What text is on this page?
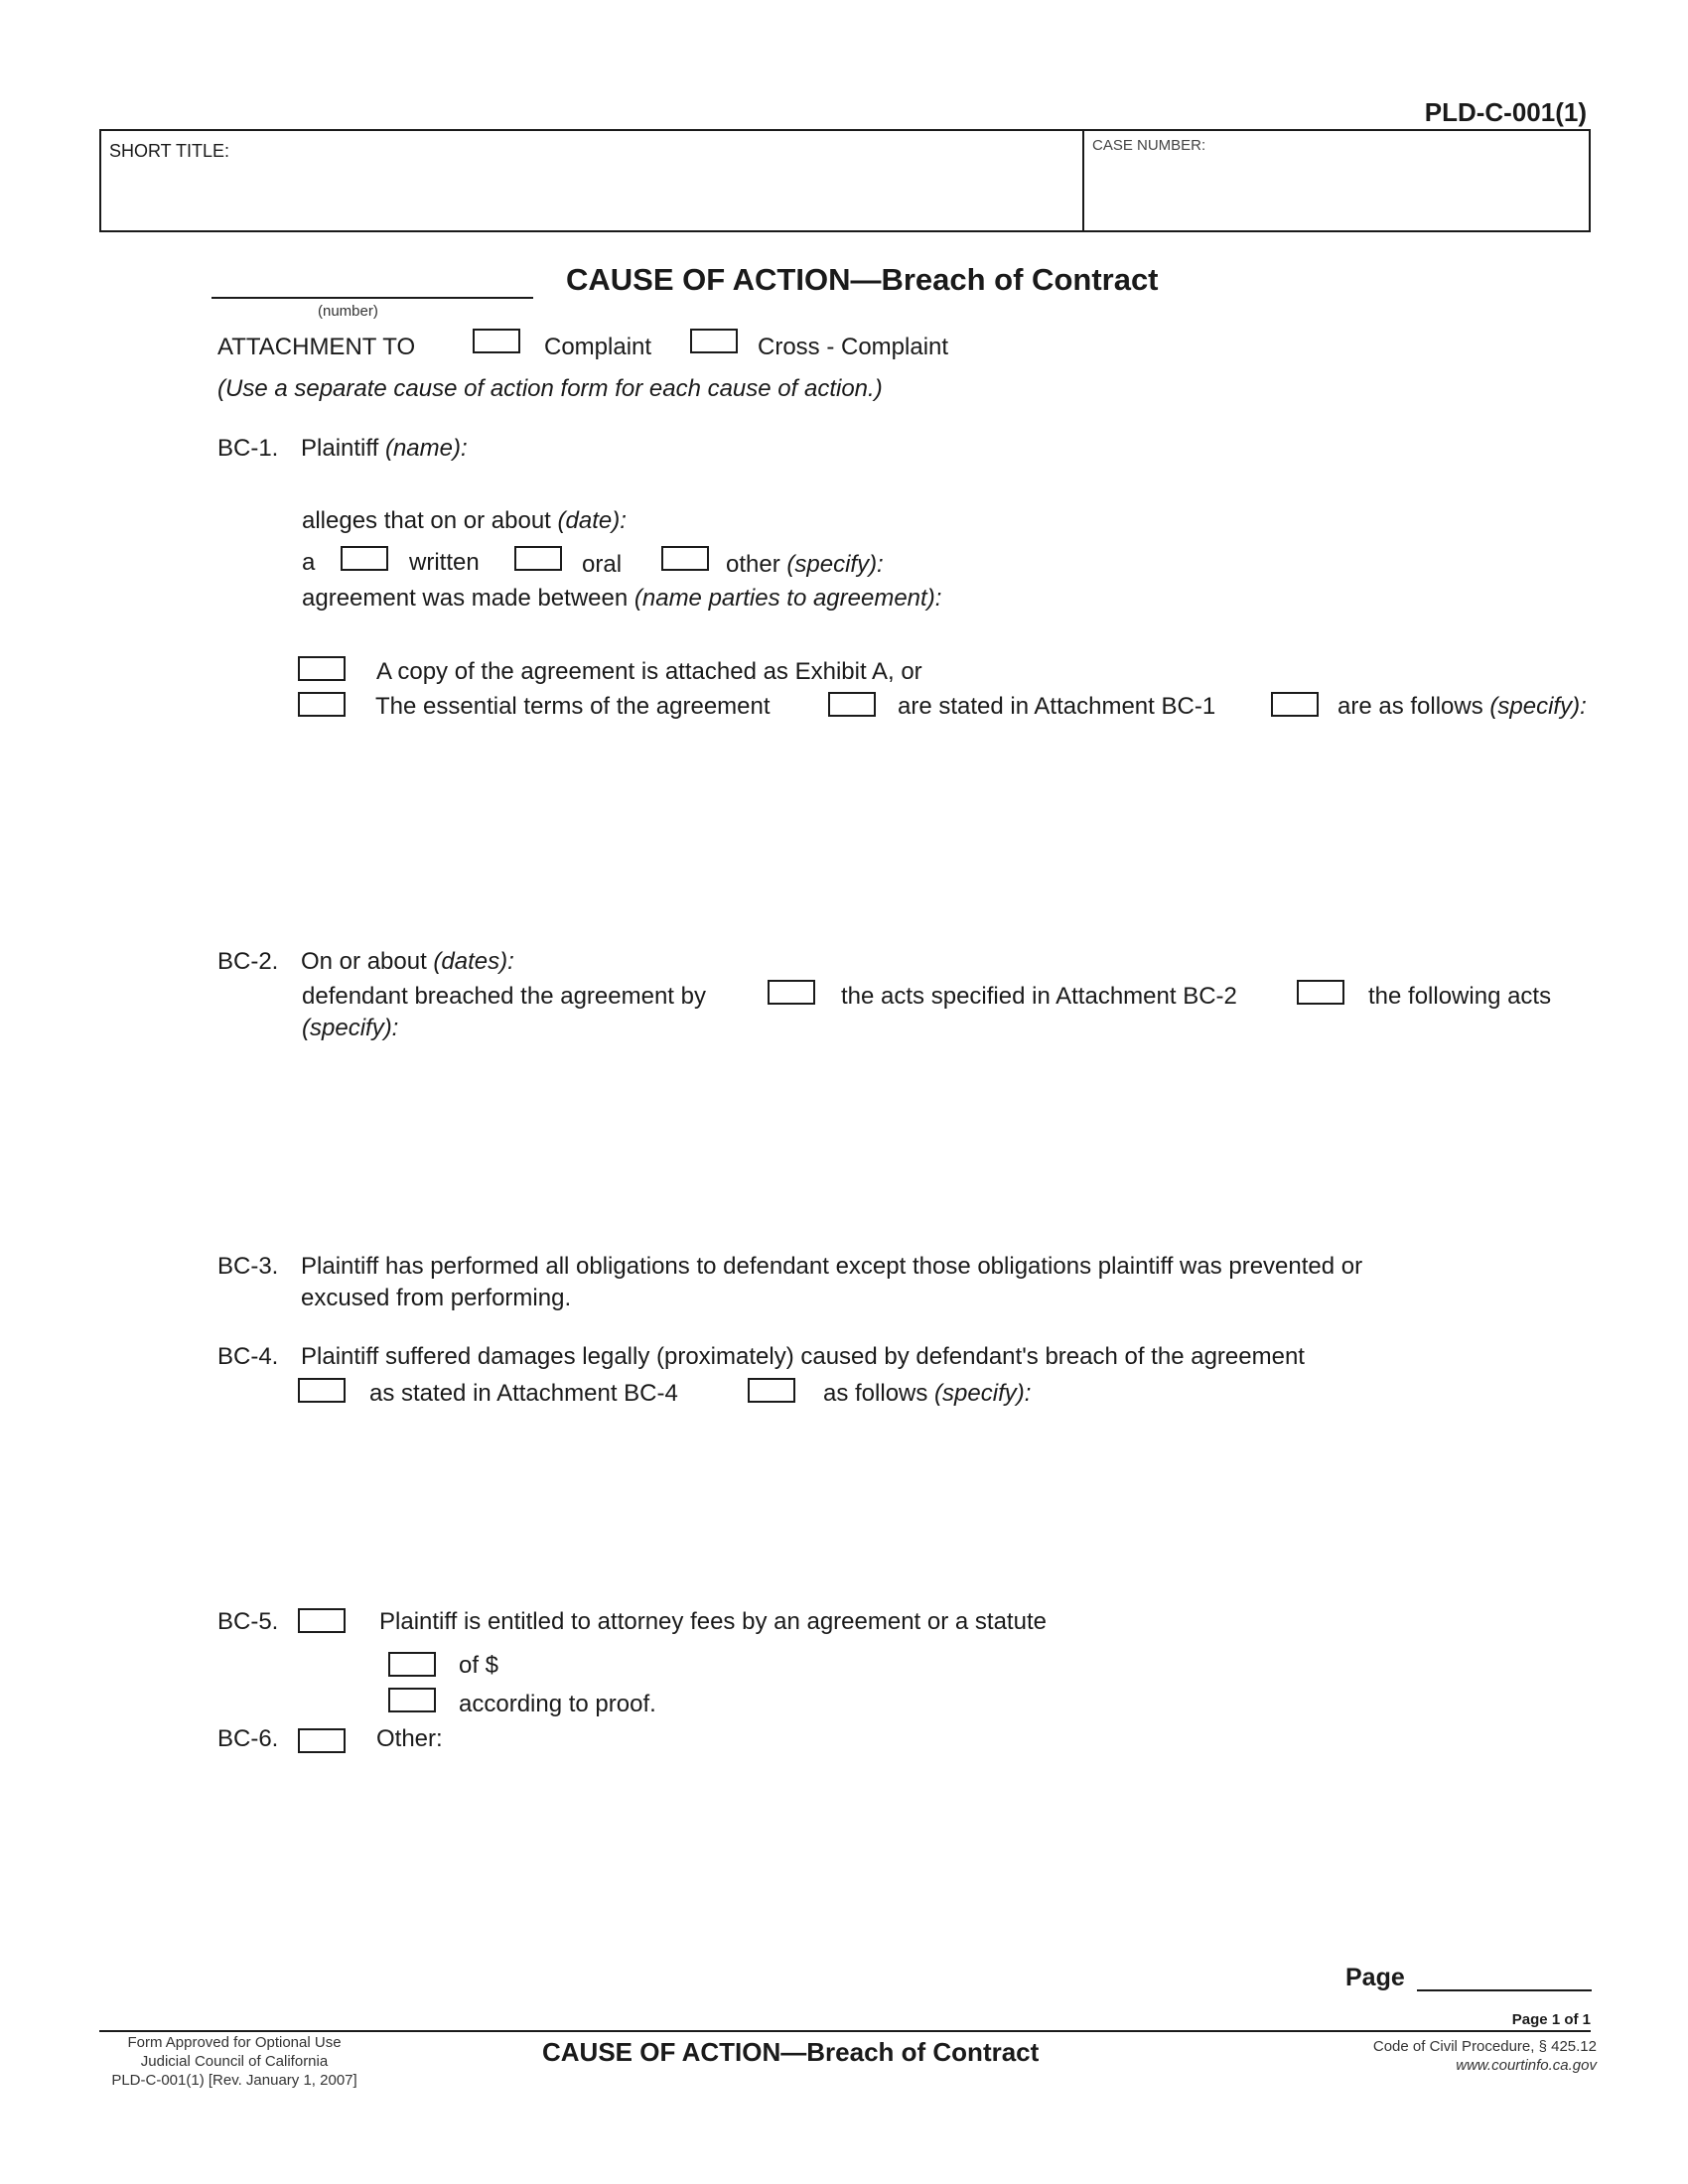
PLD-C-001(1)
SHORT TITLE:	CASE NUMBER:
(number)
CAUSE OF ACTION—Breach of Contract
ATTACHMENT TO	Complaint	Cross - Complaint
(Use a separate cause of action form for each cause of action.)
BC-1. Plaintiff (name):
alleges that on or about (date):
a	written	oral	other (specify):
agreement was made between (name parties to agreement):
A copy of the agreement is attached as Exhibit A, or
The essential terms of the agreement	are stated in Attachment BC-1	are as follows (specify):
BC-2. On or about (dates):
defendant breached the agreement by	the acts specified in Attachment BC-2	the following acts
(specify):
BC-3. Plaintiff has performed all obligations to defendant except those obligations plaintiff was prevented or
excused from performing.
BC-4. Plaintiff suffered damages legally (proximately) caused by defendant's breach of the agreement
as stated in Attachment BC-4	as follows (specify):
BC-5.	Plaintiff is entitled to attorney fees by an agreement or a statute
of $
according to proof.
BC-6.	Other:
Page
Page 1 of 1
Form Approved for Optional Use
Judicial Council of California
PLD-C-001(1) [Rev. January 1, 2007]
CAUSE OF ACTION—Breach of Contract	Code of Civil Procedure, § 425.12
www.courtinfo.ca.gov
